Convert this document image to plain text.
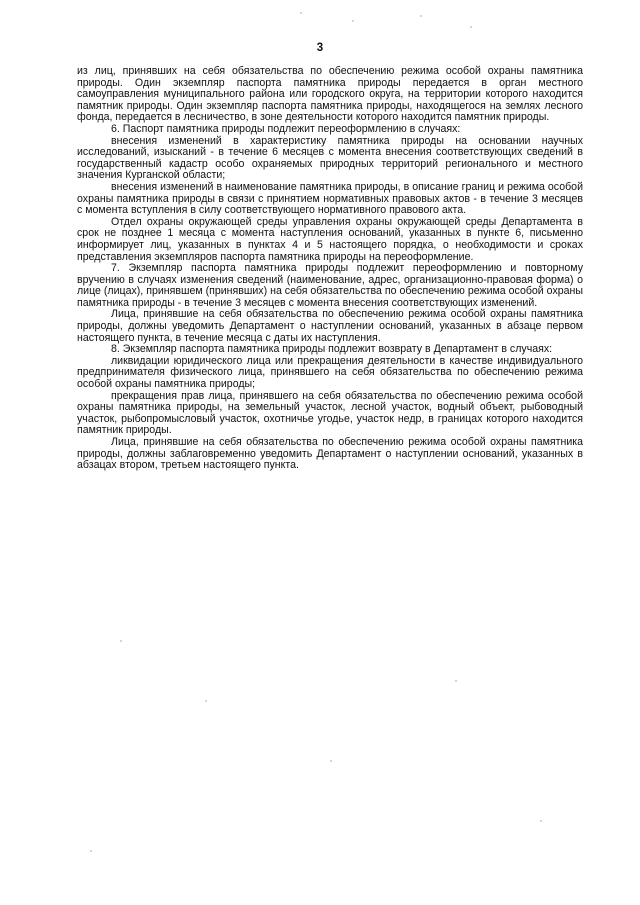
3

из лиц, принявших на себя обязательства по обеспечению режима особой охраны памятника природы. Один экземпляр паспорта памятника природы передается в орган местного самоуправления муниципального района или городского округа, на территории которого находится памятник природы. Один экземпляр паспорта памятника природы, находящегося на землях лесного фонда, передается в лесничество, в зоне деятельности которого находится памятник природы.

6. Паспорт памятника природы подлежит переоформлению в случаях:

внесения изменений в характеристику памятника природы на основании научных исследований, изысканий - в течение 6 месяцев с момента внесения соответствующих сведений в государственный кадастр особо охраняемых природных территорий регионального и местного значения Курганской области;

внесения изменений в наименование памятника природы, в описание границ и режима особой охраны памятника природы в связи с принятием нормативных правовых актов - в течение 3 месяцев с момента вступления в силу соответствующего нормативного правового акта.

Отдел охраны окружающей среды управления охраны окружающей среды Департамента в срок не позднее 1 месяца с момента наступления оснований, указанных в пункте 6, письменно информирует лиц, указанных в пунктах 4 и 5 настоящего порядка, о необходимости и сроках представления экземпляров паспорта памятника природы на переоформление.

7. Экземпляр паспорта памятника природы подлежит переоформлению и повторному вручению в случаях изменения сведений (наименование, адрес, организационно-правовая форма) о лице (лицах), принявшем (принявших) на себя обязательства по обеспечению режима особой охраны памятника природы - в течение 3 месяцев с момента внесения соответствующих изменений.

Лица, принявшие на себя обязательства по обеспечению режима особой охраны памятника природы, должны уведомить Департамент о наступлении оснований, указанных в абзаце первом настоящего пункта, в течение месяца с даты их наступления.

8. Экземпляр паспорта памятника природы подлежит возврату в Департамент в случаях:

ликвидации юридического лица или прекращения деятельности в качестве индивидуального предпринимателя физического лица, принявшего на себя обязательства по обеспечению режима особой охраны памятника природы;

прекращения прав лица, принявшего на себя обязательства по обеспечению режима особой охраны памятника природы, на земельный участок, лесной участок, водный объект, рыбоводный участок, рыбопромысловый участок, охотничье угодье, участок недр, в границах которого находится памятник природы.

Лица, принявшие на себя обязательства по обеспечению режима особой охраны памятника природы, должны заблаговременно уведомить Департамент о наступлении оснований, указанных в абзацах втором, третьем настоящего пункта.
